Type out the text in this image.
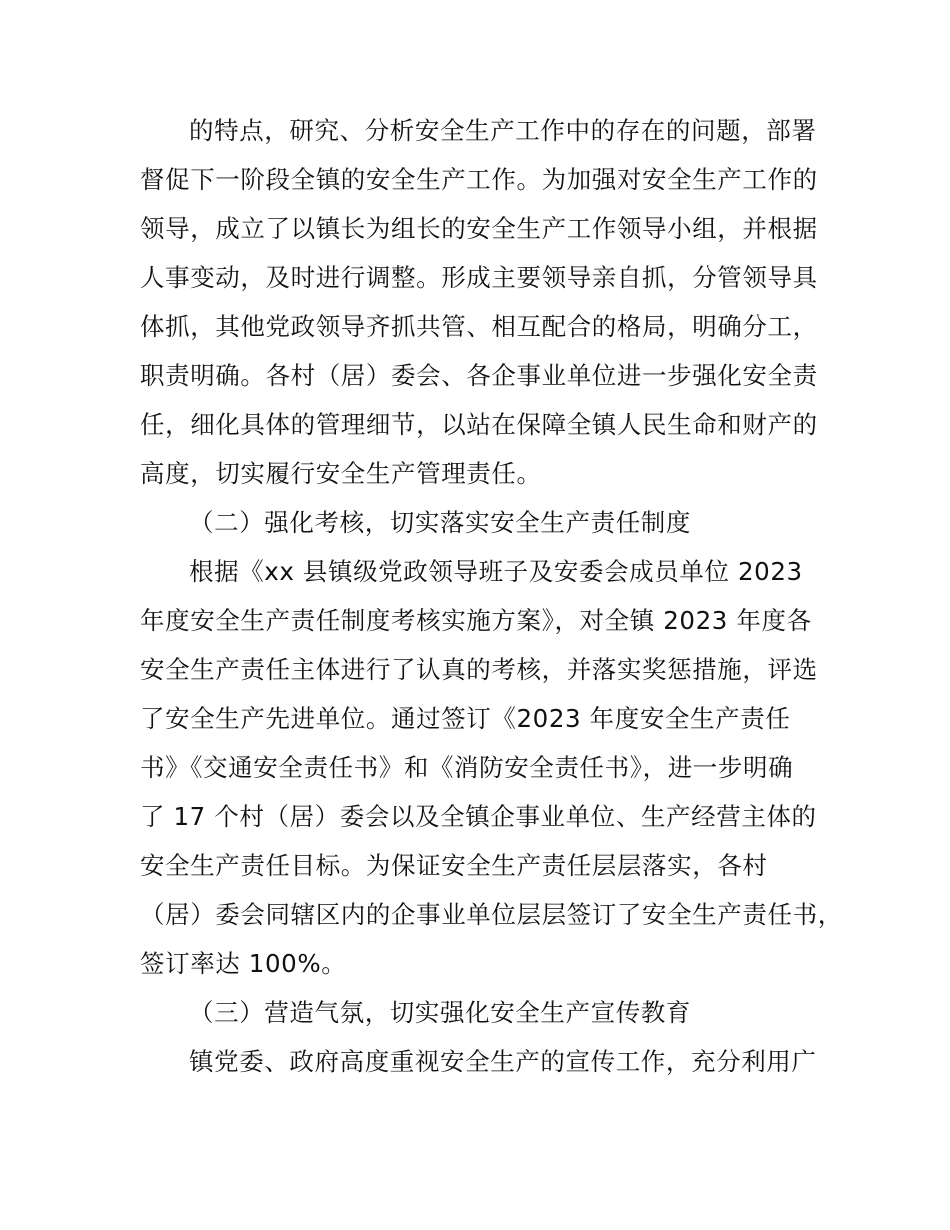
的特点，研究、分析安全生产工作中的存在的问题，部署
督促下一阶段全镇的安全生产工作。为加强对安全生产工作的
领导，成立了以镇长为组长的安全生产工作领导小组，并根据
人事变动，及时进行调整。形成主要领导亲自抓，分管领导具
体抓，其他党政领导齐抓共管、相互配合的格局，明确分工，
职责明确。各村（居）委会、各企事业单位进一步强化安全责
任，细化具体的管理细节，以站在保障全镇人民生命和财产的
高度，切实履行安全生产管理责任。

（二）强化考核，切实落实安全生产责任制度

根据《xx 县镇级党政领导班子及安委会成员单位 2023
年度安全生产责任制度考核实施方案》，对全镇 2023 年度各
安全生产责任主体进行了认真的考核，并落实奖惩措施，评选
了安全生产先进单位。通过签订《2023 年度安全生产责任
书》《交通安全责任书》和《消防安全责任书》，进一步明确
了 17 个村（居）委会以及全镇企事业单位、生产经营主体的
安全生产责任目标。为保证安全生产责任层层落实，各村
（居）委会同辖区内的企事业单位层层签订了安全生产责任书，
签订率达 100%。

（三）营造气氛，切实强化安全生产宣传教育

镇党委、政府高度重视安全生产的宣传工作，充分利用广
